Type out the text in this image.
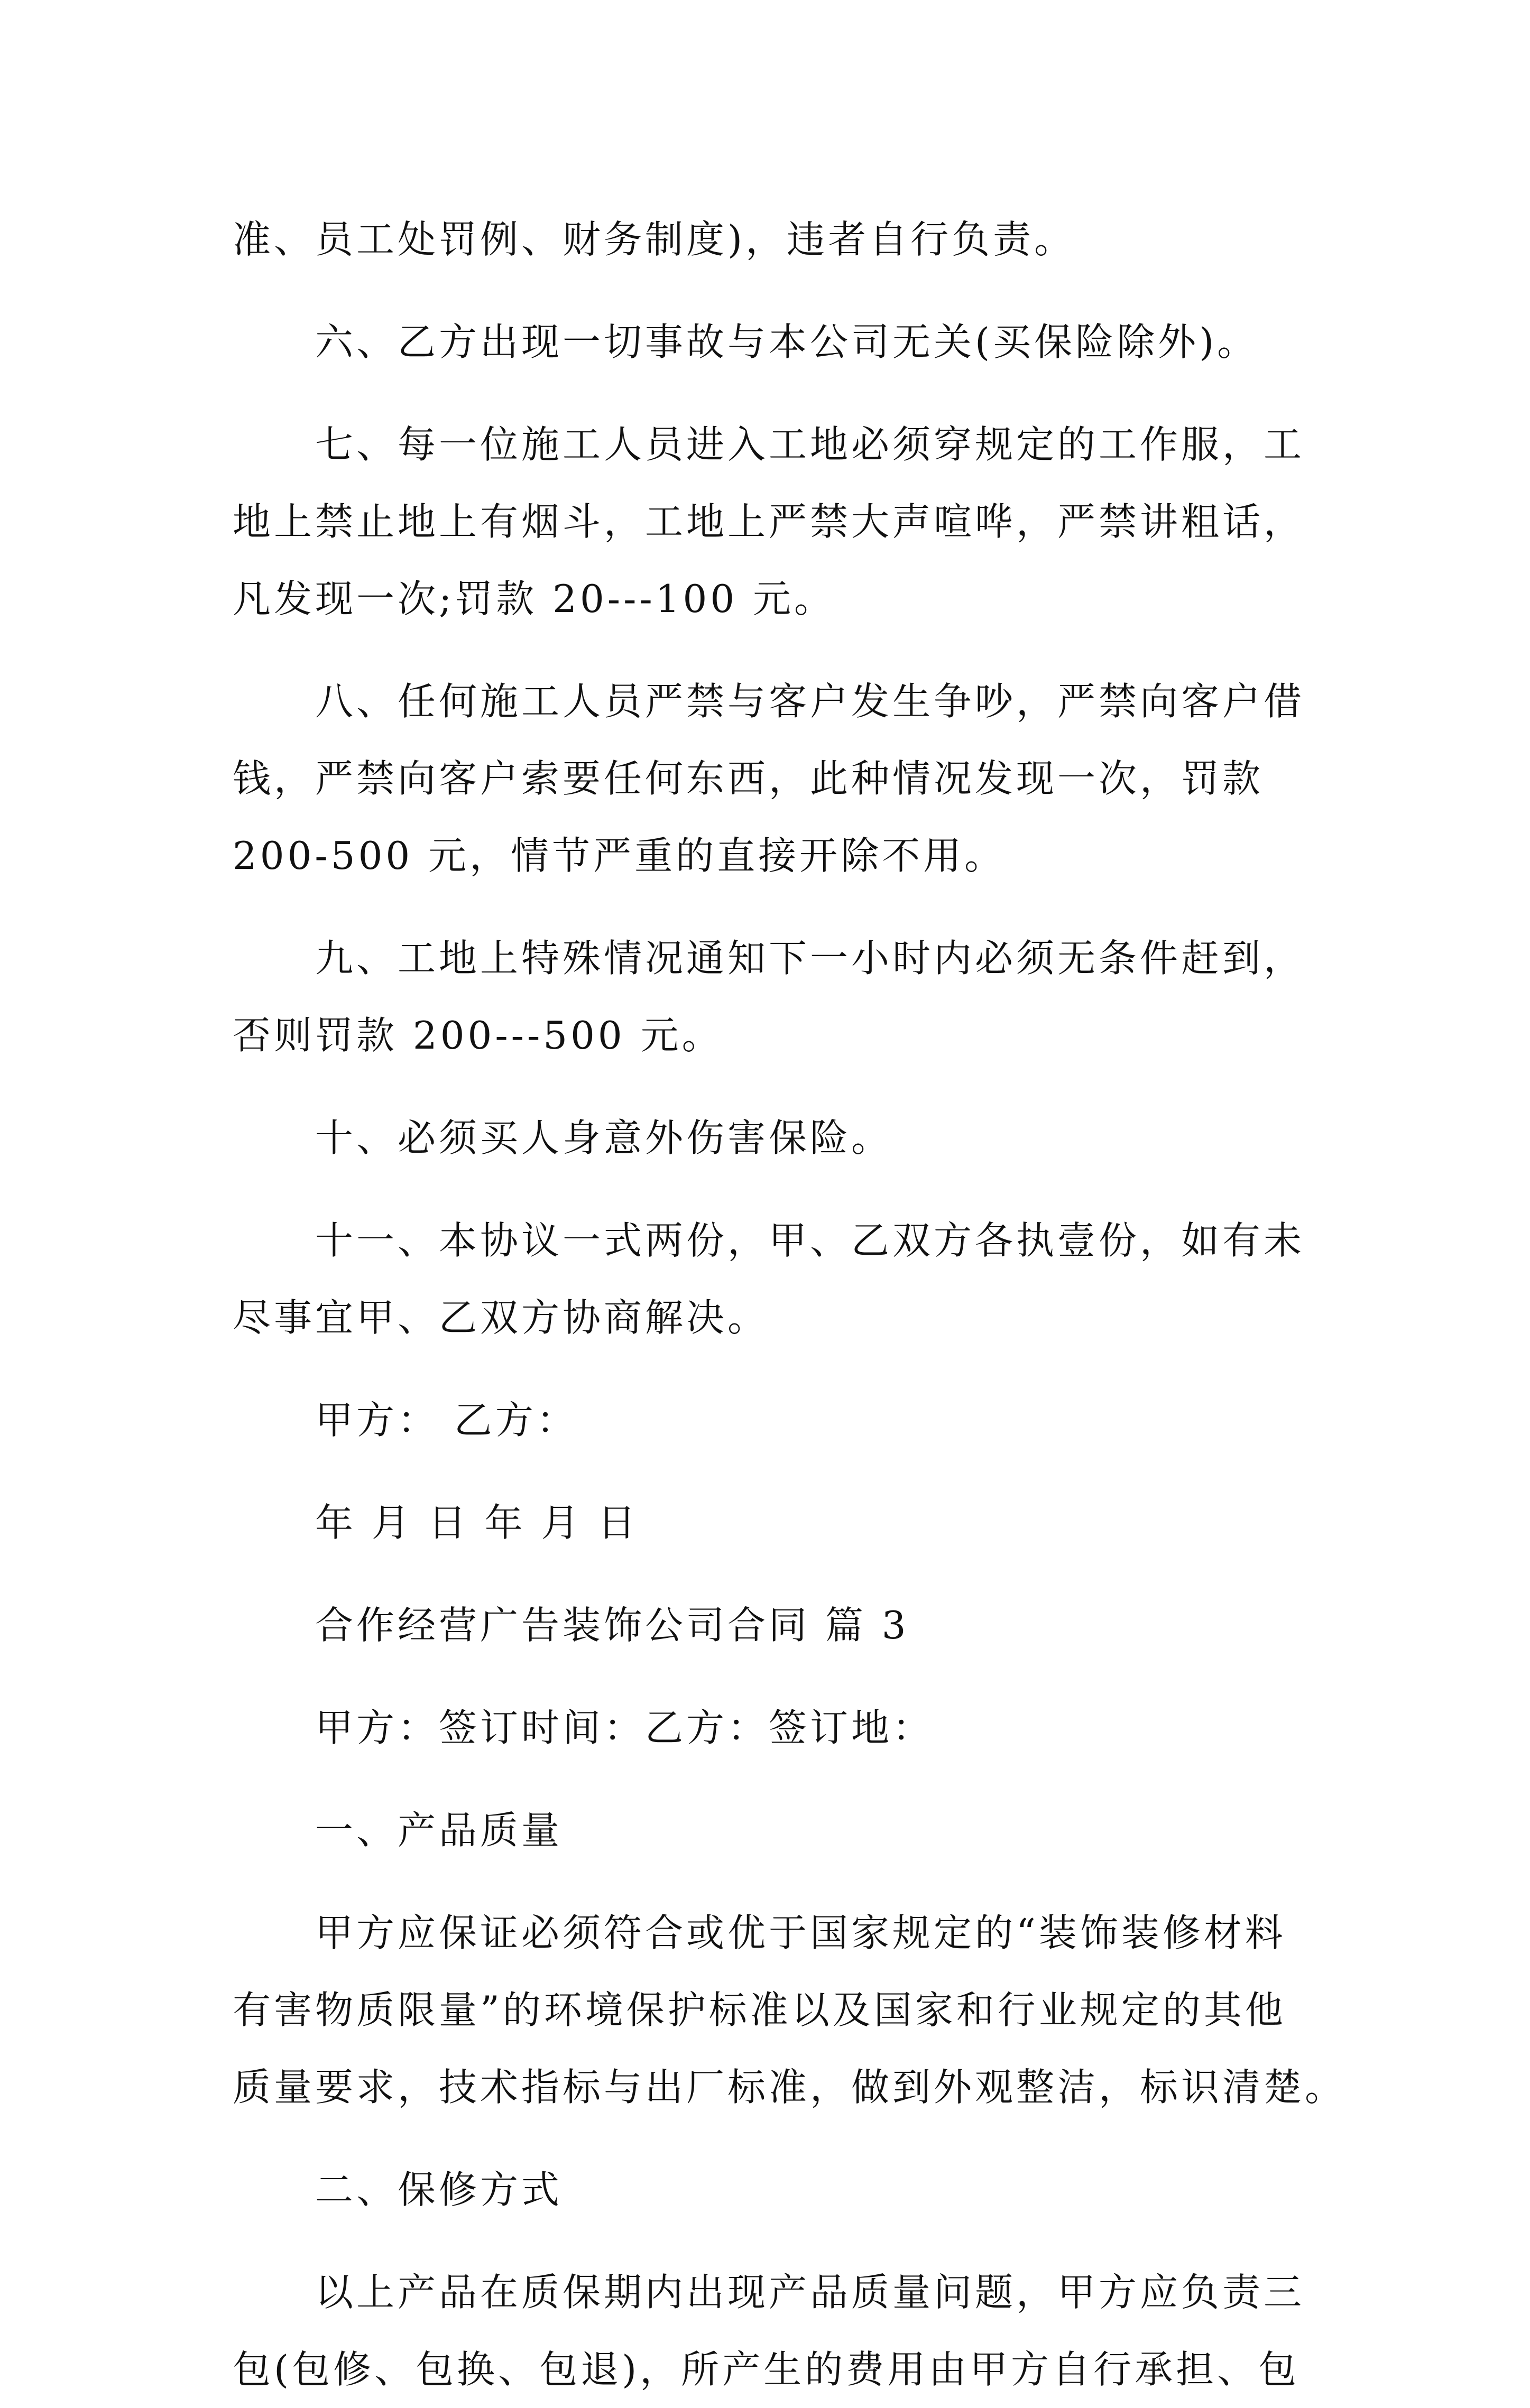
准、员工处罚例、财务制度)，违者自行负责。
六、乙方出现一切事故与本公司无关(买保险除外)。
七、每一位施工人员进入工地必须穿规定的工作服，工
地上禁止地上有烟斗，工地上严禁大声喧哗，严禁讲粗话，
凡发现一次;罚款 20---100 元。
八、任何施工人员严禁与客户发生争吵，严禁向客户借
钱，严禁向客户索要任何东西，此种情况发现一次，罚款
200-500 元，情节严重的直接开除不用。
九、工地上特殊情况通知下一小时内必须无条件赶到，
否则罚款 200---500 元。
十、必须买人身意外伤害保险。
十一、本协议一式两份，甲、乙双方各执壹份，如有未
尽事宜甲、乙双方协商解决。
甲方： 乙方：
年 月 日 年 月 日
合作经营广告装饰公司合同 篇 3
甲方：签订时间：乙方：签订地：
一、产品质量
甲方应保证必须符合或优于国家规定的“装饰装修材料
有害物质限量”的环境保护标准以及国家和行业规定的其他
质量要求，技术指标与出厂标准，做到外观整洁，标识清楚。
二、保修方式
以上产品在质保期内出现产品质量问题，甲方应负责三
包(包修、包换、包退)，所产生的费用由甲方自行承担、包
